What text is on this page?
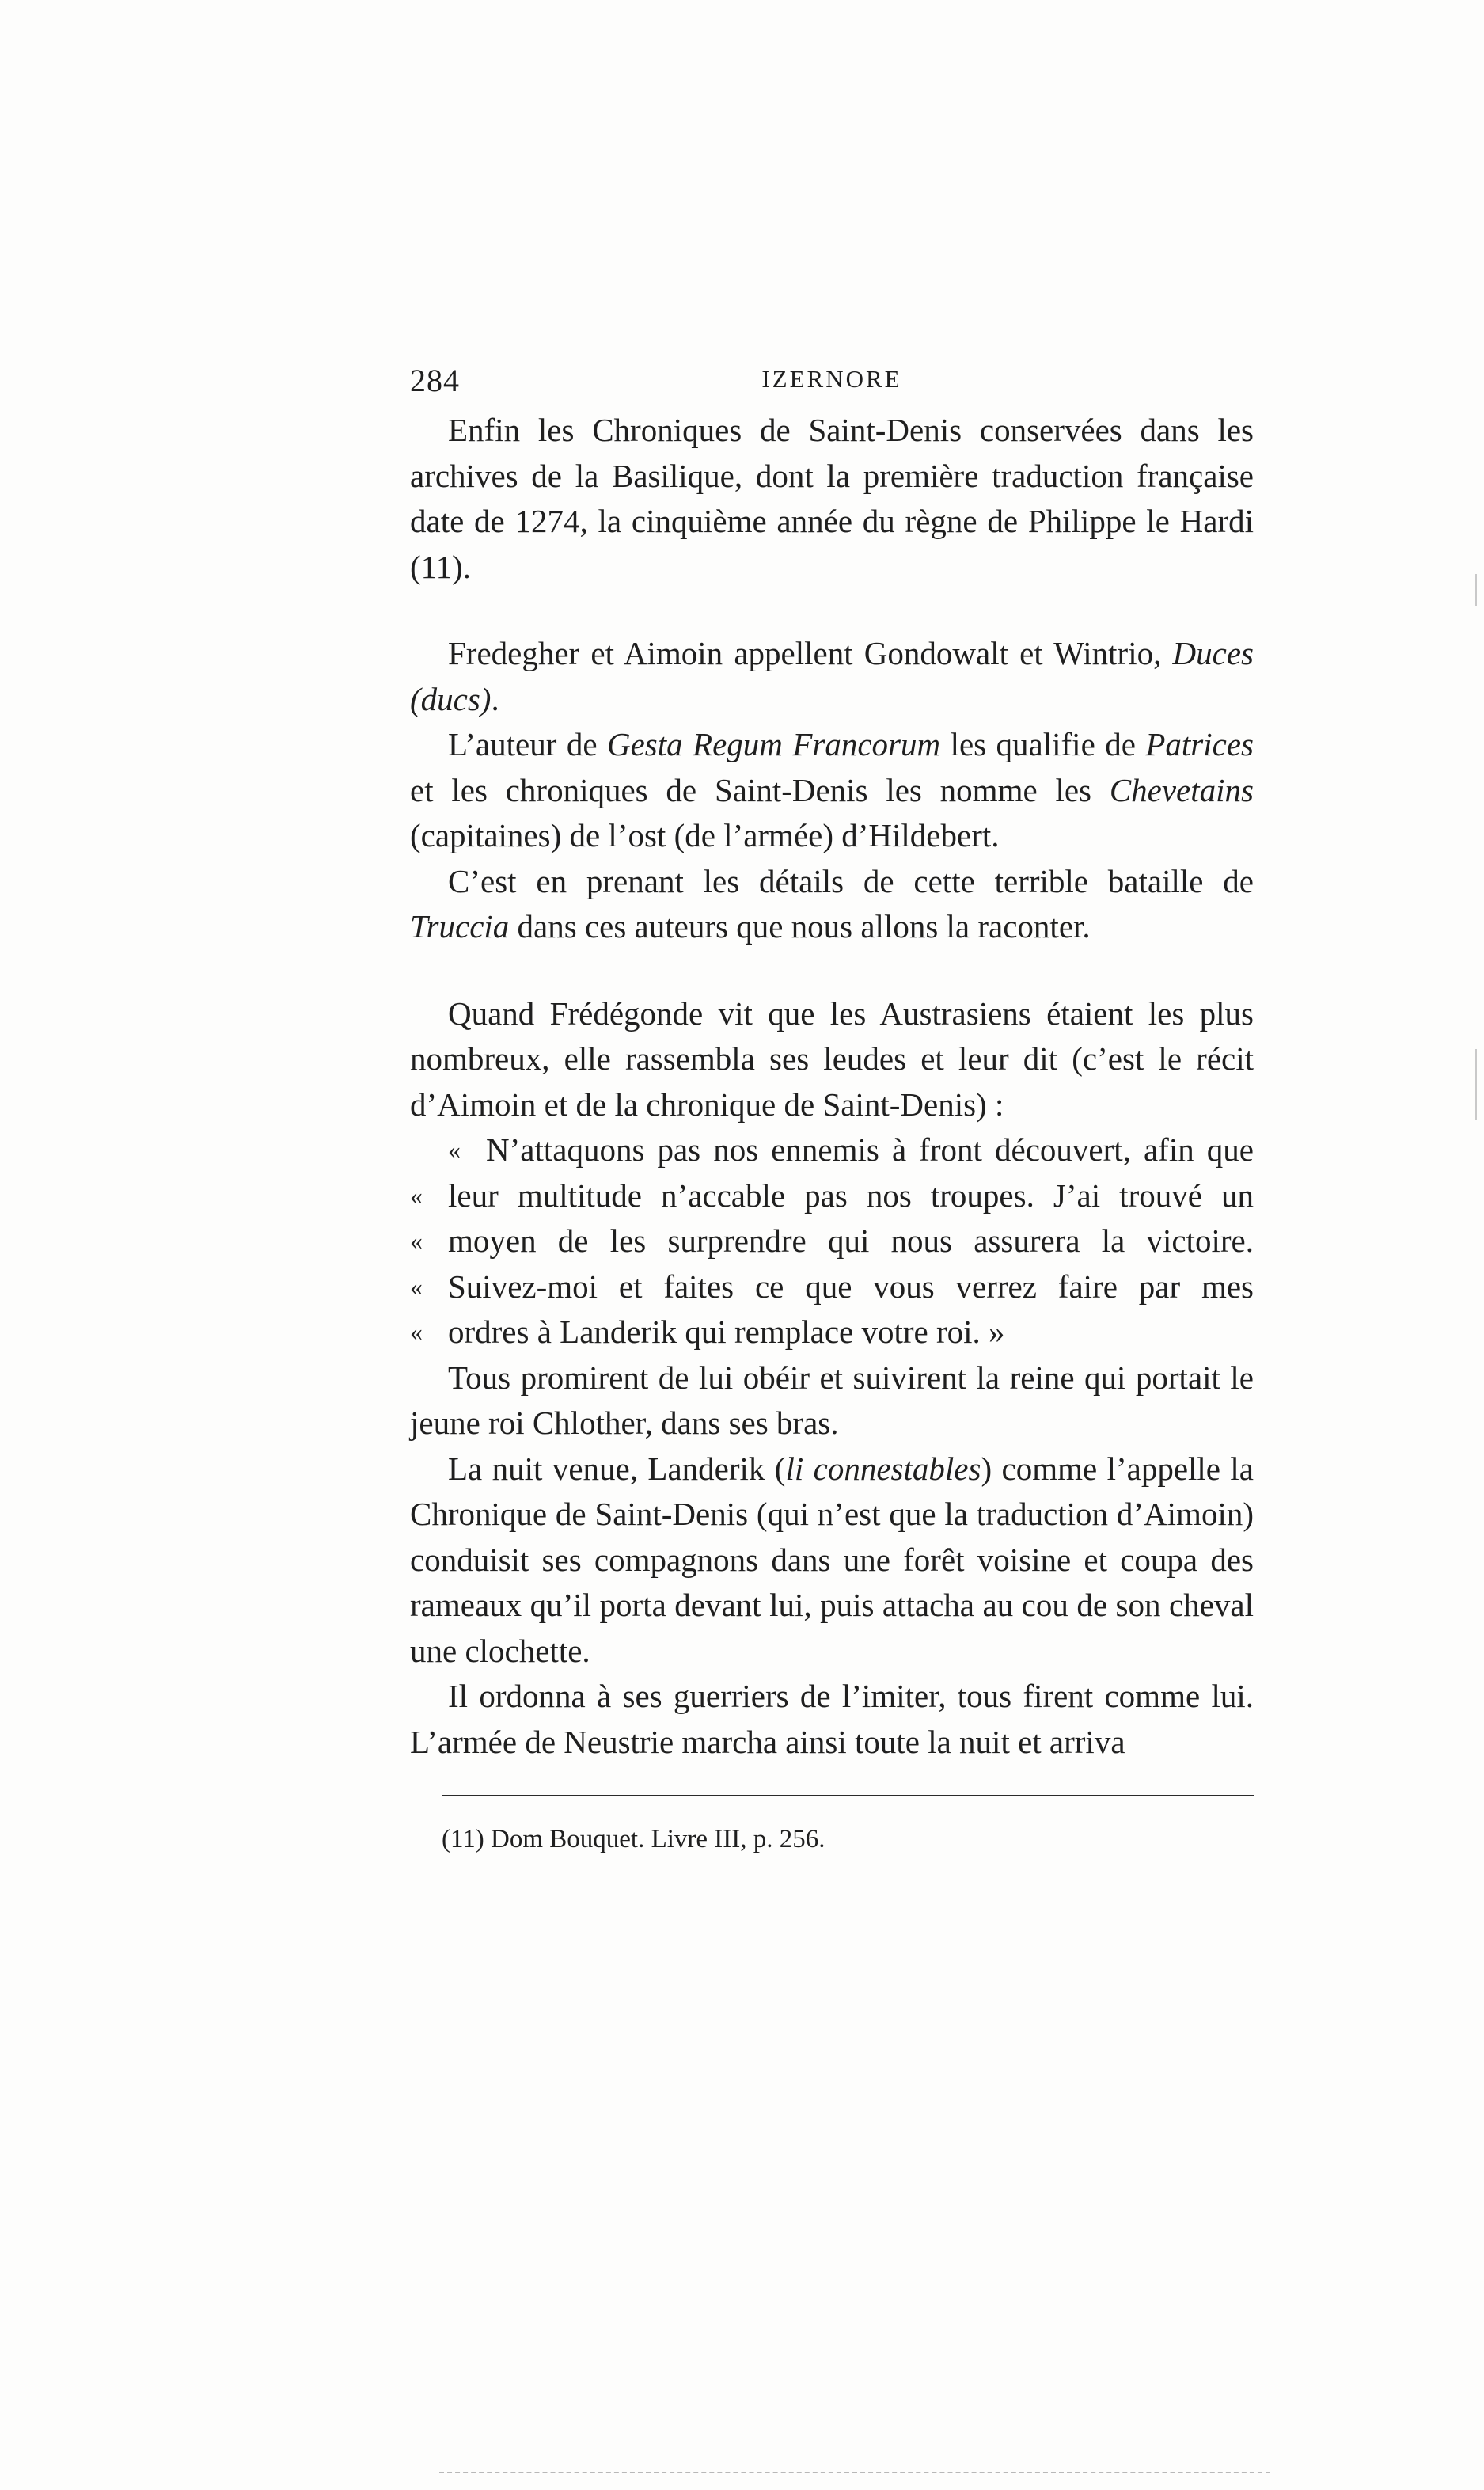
284	IZERNORE

Enfin les Chroniques de Saint-Denis conservées dans les archives de la Basilique, dont la première traduction française date de 1274, la cinquième année du règne de Philippe le Hardi (11).

Fredegher et Aimoin appellent Gondowalt et Wintrio, Duces (ducs).

L’auteur de Gesta Regum Francorum les qualifie de Patrices et les chroniques de Saint-Denis les nomme les Chevetains (capitaines) de l’ost (de l’armée) d’Hildebert.

C’est en prenant les détails de cette terrible bataille de Truccia dans ces auteurs que nous allons la raconter.

Quand Frédégonde vit que les Austrasiens étaient les plus nombreux, elle rassembla ses leudes et leur dit (c’est le récit d’Aimoin et de la chronique de Saint-Denis) :

« N’attaquons pas nos ennemis à front découvert, afin que

« leur multitude n’accable pas nos troupes. J’ai trouvé un

« moyen de les surprendre qui nous assurera la victoire.

« Suivez-moi et faites ce que vous verrez faire par mes

« ordres à Landerik qui remplace votre roi. »

Tous promirent de lui obéir et suivirent la reine qui portait le jeune roi Chlother, dans ses bras.

La nuit venue, Landerik (li connestables) comme l’appelle la Chronique de Saint-Denis (qui n’est que la traduction d’Aimoin) conduisit ses compagnons dans une forêt voisine et coupa des rameaux qu’il porta devant lui, puis attacha au cou de son cheval une clochette.

Il ordonna à ses guerriers de l’imiter, tous firent comme lui. L’armée de Neustrie marcha ainsi toute la nuit et arriva

(11) Dom Bouquet. Livre III, p. 256.
